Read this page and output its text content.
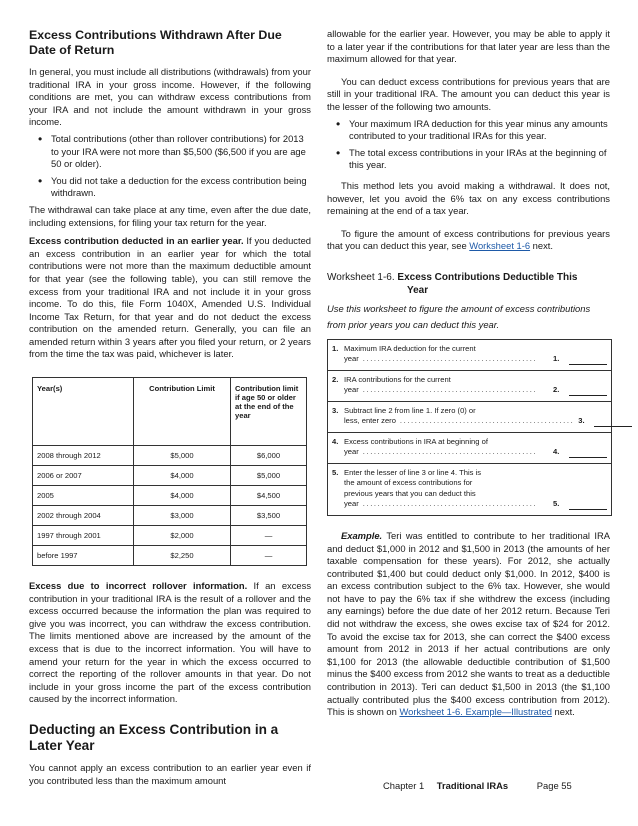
Excess Contributions Withdrawn After Due Date of Return

In general, you must include all distributions (withdrawals) from your traditional IRA in your gross income. However, if the following conditions are met, you can withdraw excess contributions from your IRA and not include the amount withdrawn in your gross income.

• Total contributions (other than rollover contributions) for 2013 to your IRA were not more than $5,500 ($6,500 if you are age 50 or older).
• You did not take a deduction for the excess contribution being withdrawn.

The withdrawal can take place at any time, even after the due date, including extensions, for filing your tax return for the year.

Excess contribution deducted in an earlier year. If you deducted an excess contribution in an earlier year for which the total contributions were not more than the maximum deductible amount for that year (see the following table), you can still remove the excess from your traditional IRA and not include it in your gross income. To do this, file Form 1040X, Amended U.S. Individual Income Tax Return, for that year and do not deduct the excess contribution on the amended return. Generally, you can file an amended return within 3 years after you filed your return, or 2 years from the time the tax was paid, whichever is later.

Year(s)	Contribution Limit	Contribution limit if age 50 or older at the end of the year
2008 through 2012	$5,000	$6,000
2006 or 2007	$4,000	$5,000
2005	$4,000	$4,500
2002 through 2004	$3,000	$3,500
1997 through 2001	$2,000	—
before 1997	$2,250	—

Excess due to incorrect rollover information. If an excess contribution in your traditional IRA is the result of a rollover and the excess occurred because the information the plan was required to give you was incorrect, you can withdraw the excess contribution. The limits mentioned above are increased by the amount of the excess that is due to the incorrect information. You will have to amend your return for the year in which the excess occurred to correct the reporting of the rollover amounts in that year. Do not include in your gross income the part of the excess contribution caused by the incorrect information.

Deducting an Excess Contribution in a Later Year

You cannot apply an excess contribution to an earlier year even if you contributed less than the maximum amount

allowable for the earlier year. However, you may be able to apply it to a later year if the contributions for that later year are less than the maximum allowed for that year.

You can deduct excess contributions for previous years that are still in your traditional IRA. The amount you can deduct this year is the lesser of the following two amounts.

• Your maximum IRA deduction for this year minus any amounts contributed to your traditional IRAs for this year.
• The total excess contributions in your IRAs at the beginning of this year.

This method lets you avoid making a withdrawal. It does not, however, let you avoid the 6% tax on any excess contributions remaining at the end of a tax year.

To figure the amount of excess contributions for previous years that you can deduct this year, see Worksheet 1-6 next.

Worksheet 1-6. Excess Contributions Deductible This
Year
Use this worksheet to figure the amount of excess contributions from prior years you can deduct this year.
1. Maximum IRA deduction for the current
year ...............................................	1.
2. IRA contributions for the current
year ...............................................	2.
3. Subtract line 2 from line 1. If zero (0) or
less, enter zero ............................................... 3.
4. Excess contributions in IRA at beginning of
year ...............................................	4.
5. Enter the lesser of line 3 or line 4. This is
the amount of excess contributions for
previous years that you can deduct this
year ...............................................	5.

Example. Teri was entitled to contribute to her traditional IRA and deduct $1,000 in 2012 and $1,500 in 2013 (the amounts of her taxable compensation for these years). For 2012, she actually contributed $1,400 but could deduct only $1,000. In 2012, $400 is an excess contribution subject to the 6% tax. However, she would not have to pay the 6% tax if she withdrew the excess (including any earnings) before the due date of her 2012 return. Because Teri did not withdraw the excess, she owes excise tax of $24 for 2012. To avoid the excise tax for 2013, she can correct the $400 excess amount from 2012 in 2013 if her actual contributions are only $1,100 for 2013 (the allowable deductible contribution of $1,500 minus the $400 excess from 2012 she wants to treat as a deductible contribution in 2013). Teri can deduct $1,500 in 2013 (the $1,100 actually contributed plus the $400 excess contribution from 2012). This is shown on Worksheet 1-6. Example—Illustrated next.

Chapter 1 Traditional IRAs	Page 55
